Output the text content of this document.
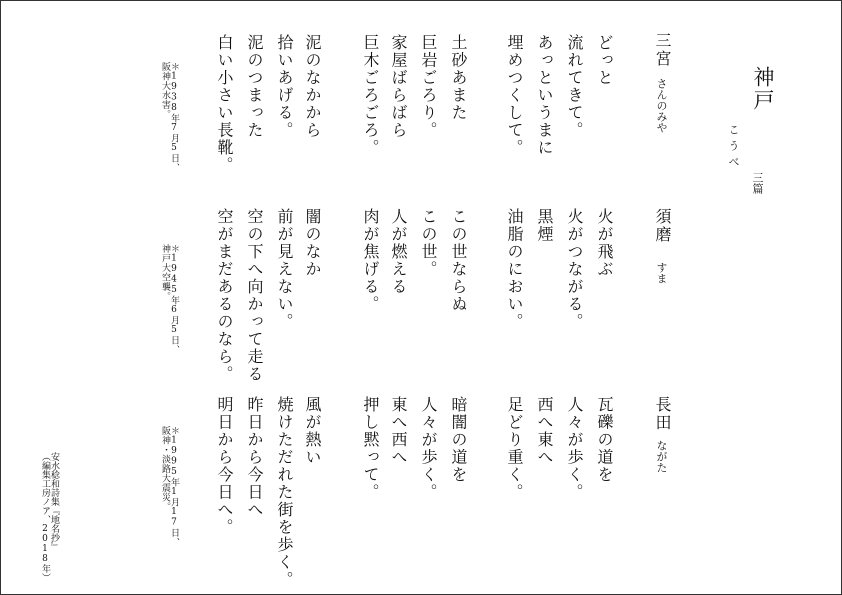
神戸
こうべ
三篇
三宮
さんのみや
どっと
流れてきて。
あっというまに
埋めつくして。
土砂あまた
巨岩ごろり。
家屋ばらばら
巨木ごろごろ。
泥のなかから
拾いあげる。
泥のつまった
白い小さい長靴。
＊1938年7月5日、
阪神大水害。
須磨
すま
火が飛ぶ
火がつながる。
黒煙
油脂のにおい。
この世ならぬ
この世。
人が燃える
肉が焦げる。
闇のなか
前が見えない。
空の下へ向かって走る
空がまだあるのなら。
＊1945年6月5日、
神戸大空襲。
長田
ながた
瓦礫の道を
人々が歩く。
西へ東へ
足どり重く。
暗闇の道を
人々が歩く。
東へ西へ
押し黙って。
風が熱い
焼けただれた街を歩く。
昨日から今日へ
明日から今日へ。
＊1995年1月17日、
阪神・淡路大震災。
安水稔和詩集『地名抄』
（編集工房ノア、2018年）
